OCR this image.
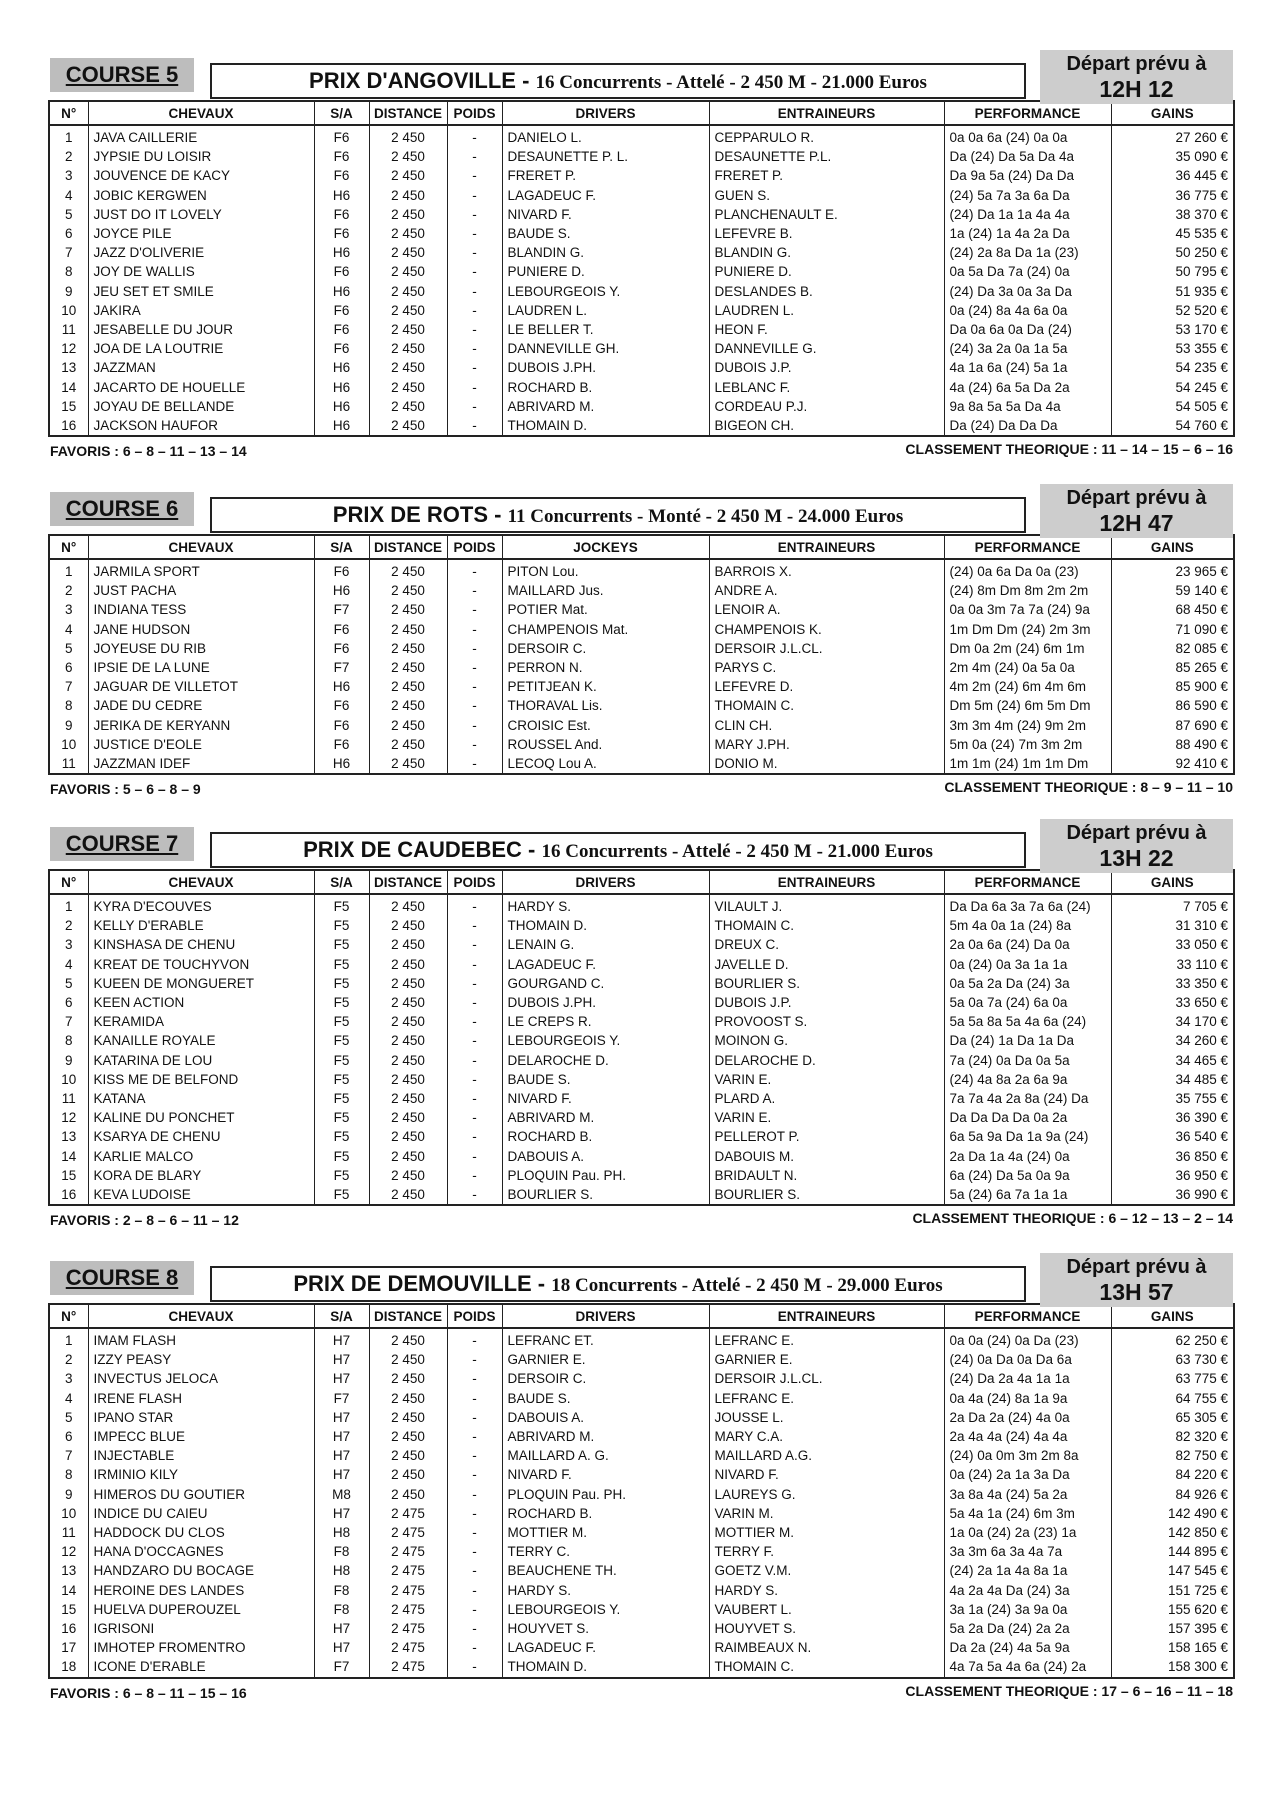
COURSE 5	PRIX D'ANGOVILLE - 16 Concurrents - Attelé - 2 450 M - 21.000 Euros
Départ prévu à
12H 12
N°	CHEVAUX	S/A	DISTANCE	POIDS	DRIVERS	ENTRAINEURS	PERFORMANCE	GAINS
1	JAVA CAILLERIE	F6	2 450	-	DANIELO L.	CEPPARULO R.	0a 0a 6a (24) 0a 0a	27 260 €
2	JYPSIE DU LOISIR	F6	2 450	-	DESAUNETTE P. L.	DESAUNETTE P.L.	Da (24) Da 5a Da 4a	35 090 €
3	JOUVENCE DE KACY	F6	2 450	-	FRERET P.	FRERET P.	Da 9a 5a (24) Da Da	36 445 €
4	JOBIC KERGWEN	H6	2 450	-	LAGADEUC F.	GUEN S.	(24) 5a 7a 3a 6a Da	36 775 €
5	JUST DO IT LOVELY	F6	2 450	-	NIVARD F.	PLANCHENAULT E.	(24) Da 1a 1a 4a 4a	38 370 €
6	JOYCE PILE	F6	2 450	-	BAUDE S.	LEFEVRE B.	1a (24) 1a 4a 2a Da	45 535 €
7	JAZZ D'OLIVERIE	H6	2 450	-	BLANDIN G.	BLANDIN G.	(24) 2a 8a Da 1a (23)	50 250 €
8	JOY DE WALLIS	F6	2 450	-	PUNIERE D.	PUNIERE D.	0a 5a Da 7a (24) 0a	50 795 €
9	JEU SET ET SMILE	H6	2 450	-	LEBOURGEOIS Y.	DESLANDES B.	(24) Da 3a 0a 3a Da	51 935 €
10	JAKIRA	F6	2 450	-	LAUDREN L.	LAUDREN L.	0a (24) 8a 4a 6a 0a	52 520 €
11	JESABELLE DU JOUR	F6	2 450	-	LE BELLER T.	HEON F.	Da 0a 6a 0a Da (24)	53 170 €
12	JOA DE LA LOUTRIE	F6	2 450	-	DANNEVILLE GH.	DANNEVILLE G.	(24) 3a 2a 0a 1a 5a	53 355 €
13	JAZZMAN	H6	2 450	-	DUBOIS J.PH.	DUBOIS J.P.	4a 1a 6a (24) 5a 1a	54 235 €
14	JACARTO DE HOUELLE	H6	2 450	-	ROCHARD B.	LEBLANC F.	4a (24) 6a 5a Da 2a	54 245 €
15	JOYAU DE BELLANDE	H6	2 450	-	ABRIVARD M.	CORDEAU P.J.	9a 8a 5a 5a Da 4a	54 505 €
16	JACKSON HAUFOR	H6	2 450	-	THOMAIN D.	BIGEON CH.	Da (24) Da Da Da	54 760 €
FAVORIS : 6 – 8 – 11 – 13 – 14	CLASSEMENT THEORIQUE : 11 – 14 – 15 – 6 – 16
COURSE 6	PRIX DE ROTS - 11 Concurrents - Monté - 2 450 M - 24.000 Euros
Départ prévu à
12H 47
N°	CHEVAUX	S/A	DISTANCE	POIDS	JOCKEYS	ENTRAINEURS	PERFORMANCE	GAINS
1	JARMILA SPORT	F6	2 450	-	PITON Lou.	BARROIS X.	(24) 0a 6a Da 0a (23)	23 965 €
2	JUST PACHA	H6	2 450	-	MAILLARD Jus.	ANDRE A.	(24) 8m Dm 8m 2m 2m	59 140 €
3	INDIANA TESS	F7	2 450	-	POTIER Mat.	LENOIR A.	0a 0a 3m 7a 7a (24) 9a	68 450 €
4	JANE HUDSON	F6	2 450	-	CHAMPENOIS Mat.	CHAMPENOIS K.	1m Dm Dm (24) 2m 3m	71 090 €
5	JOYEUSE DU RIB	F6	2 450	-	DERSOIR C.	DERSOIR J.L.CL.	Dm 0a 2m (24) 6m 1m	82 085 €
6	IPSIE DE LA LUNE	F7	2 450	-	PERRON N.	PARYS C.	2m 4m (24) 0a 5a 0a	85 265 €
7	JAGUAR DE VILLETOT	H6	2 450	-	PETITJEAN K.	LEFEVRE D.	4m 2m (24) 6m 4m 6m	85 900 €
8	JADE DU CEDRE	F6	2 450	-	THORAVAL Lis.	THOMAIN C.	Dm 5m (24) 6m 5m Dm	86 590 €
9	JERIKA DE KERYANN	F6	2 450	-	CROISIC Est.	CLIN CH.	3m 3m 4m (24) 9m 2m	87 690 €
10	JUSTICE D'EOLE	F6	2 450	-	ROUSSEL And.	MARY J.PH.	5m 0a (24) 7m 3m 2m	88 490 €
11	JAZZMAN IDEF	H6	2 450	-	LECOQ Lou A.	DONIO M.	1m 1m (24) 1m 1m Dm	92 410 €
FAVORIS : 5 – 6 – 8 – 9	CLASSEMENT THEORIQUE : 8 – 9 – 11 – 10
COURSE 7	PRIX DE CAUDEBEC - 16 Concurrents - Attelé - 2 450 M - 21.000 Euros
Départ prévu à
13H 22
N°	CHEVAUX	S/A	DISTANCE	POIDS	DRIVERS	ENTRAINEURS	PERFORMANCE	GAINS
1	KYRA D'ECOUVES	F5	2 450	-	HARDY S.	VILAULT J.	Da Da 6a 3a 7a 6a (24)	7 705 €
2	KELLY D'ERABLE	F5	2 450	-	THOMAIN D.	THOMAIN C.	5m 4a 0a 1a (24) 8a	31 310 €
3	KINSHASA DE CHENU	F5	2 450	-	LENAIN G.	DREUX C.	2a 0a 6a (24) Da 0a	33 050 €
4	KREAT DE TOUCHYVON	F5	2 450	-	LAGADEUC F.	JAVELLE D.	0a (24) 0a 3a 1a 1a	33 110 €
5	KUEEN DE MONGUERET	F5	2 450	-	GOURGAND C.	BOURLIER S.	0a 5a 2a Da (24) 3a	33 350 €
6	KEEN ACTION	F5	2 450	-	DUBOIS J.PH.	DUBOIS J.P.	5a 0a 7a (24) 6a 0a	33 650 €
7	KERAMIDA	F5	2 450	-	LE CREPS R.	PROVOOST S.	5a 5a 8a 5a 4a 6a (24)	34 170 €
8	KANAILLE ROYALE	F5	2 450	-	LEBOURGEOIS Y.	MOINON G.	Da (24) 1a Da 1a Da	34 260 €
9	KATARINA DE LOU	F5	2 450	-	DELAROCHE D.	DELAROCHE D.	7a (24) 0a Da 0a 5a	34 465 €
10	KISS ME DE BELFOND	F5	2 450	-	BAUDE S.	VARIN E.	(24) 4a 8a 2a 6a 9a	34 485 €
11	KATANA	F5	2 450	-	NIVARD F.	PLARD A.	7a 7a 4a 2a 8a (24) Da	35 755 €
12	KALINE DU PONCHET	F5	2 450	-	ABRIVARD M.	VARIN E.	Da Da Da Da 0a 2a	36 390 €
13	KSARYA DE CHENU	F5	2 450	-	ROCHARD B.	PELLEROT P.	6a 5a 9a Da 1a 9a (24)	36 540 €
14	KARLIE MALCO	F5	2 450	-	DABOUIS A.	DABOUIS M.	2a Da 1a 4a (24) 0a	36 850 €
15	KORA DE BLARY	F5	2 450	-	PLOQUIN Pau. PH.	BRIDAULT N.	6a (24) Da 5a 0a 9a	36 950 €
16	KEVA LUDOISE	F5	2 450	-	BOURLIER S.	BOURLIER S.	5a (24) 6a 7a 1a 1a	36 990 €
FAVORIS : 2 – 8 – 6 – 11 – 12	CLASSEMENT THEORIQUE : 6 – 12 – 13 – 2 – 14
COURSE 8	PRIX DE DEMOUVILLE - 18 Concurrents - Attelé - 2 450 M - 29.000 Euros
Départ prévu à
13H 57
N°	CHEVAUX	S/A	DISTANCE	POIDS	DRIVERS	ENTRAINEURS	PERFORMANCE	GAINS
1	IMAM FLASH	H7	2 450	-	LEFRANC ET.	LEFRANC E.	0a 0a (24) 0a Da (23)	62 250 €
2	IZZY PEASY	H7	2 450	-	GARNIER E.	GARNIER E.	(24) 0a Da 0a Da 6a	63 730 €
3	INVECTUS JELOCA	H7	2 450	-	DERSOIR C.	DERSOIR J.L.CL.	(24) Da 2a 4a 1a 1a	63 775 €
4	IRENE FLASH	F7	2 450	-	BAUDE S.	LEFRANC E.	0a 4a (24) 8a 1a 9a	64 755 €
5	IPANO STAR	H7	2 450	-	DABOUIS A.	JOUSSE L.	2a Da 2a (24) 4a 0a	65 305 €
6	IMPECC BLUE	H7	2 450	-	ABRIVARD M.	MARY C.A.	2a 4a 4a (24) 4a 4a	82 320 €
7	INJECTABLE	H7	2 450	-	MAILLARD A. G.	MAILLARD A.G.	(24) 0a 0m 3m 2m 8a	82 750 €
8	IRMINIO KILY	H7	2 450	-	NIVARD F.	NIVARD F.	0a (24) 2a 1a 3a Da	84 220 €
9	HIMEROS DU GOUTIER	M8	2 450	-	PLOQUIN Pau. PH.	LAUREYS G.	3a 8a 4a (24) 5a 2a	84 926 €
10	INDICE DU CAIEU	H7	2 475	-	ROCHARD B.	VARIN M.	5a 4a 1a (24) 6m 3m	142 490 €
11	HADDOCK DU CLOS	H8	2 475	-	MOTTIER M.	MOTTIER M.	1a 0a (24) 2a (23) 1a	142 850 €
12	HANA D'OCCAGNES	F8	2 475	-	TERRY C.	TERRY F.	3a 3m 6a 3a 4a 7a	144 895 €
13	HANDZARO DU BOCAGE	H8	2 475	-	BEAUCHENE TH.	GOETZ V.M.	(24) 2a 1a 4a 8a 1a	147 545 €
14	HEROINE DES LANDES	F8	2 475	-	HARDY S.	HARDY S.	4a 2a 4a Da (24) 3a	151 725 €
15	HUELVA DUPEROUZEL	F8	2 475	-	LEBOURGEOIS Y.	VAUBERT L.	3a 1a (24) 3a 9a 0a	155 620 €
16	IGRISONI	H7	2 475	-	HOUYVET S.	HOUYVET S.	5a 2a Da (24) 2a 2a	157 395 €
17	IMHOTEP FROMENTRO	H7	2 475	-	LAGADEUC F.	RAIMBEAUX N.	Da 2a (24) 4a 5a 9a	158 165 €
18	ICONE D'ERABLE	F7	2 475	-	THOMAIN D.	THOMAIN C.	4a 7a 5a 4a 6a (24) 2a	158 300 €
FAVORIS : 6 – 8 – 11 – 15 – 16	CLASSEMENT THEORIQUE : 17 – 6 – 16 – 11 – 18
